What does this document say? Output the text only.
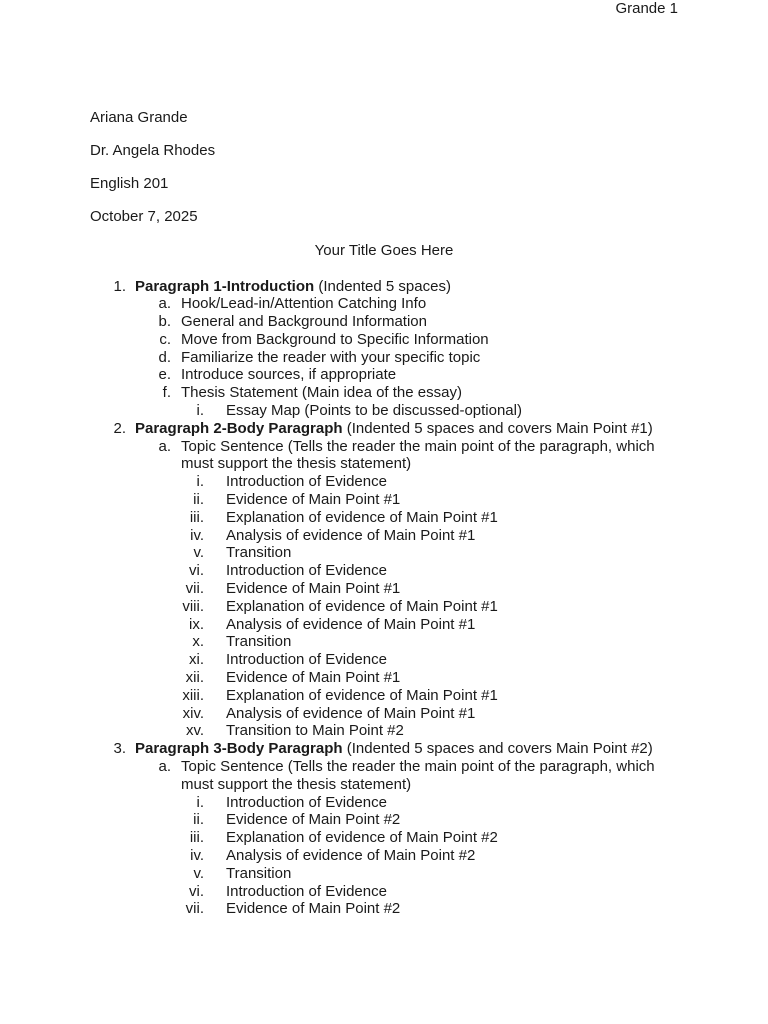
Grande 1
Ariana Grande
Dr. Angela Rhodes
English 201
October 7, 2025
Your Title Goes Here
1. Paragraph 1-Introduction (Indented 5 spaces)
a. Hook/Lead-in/Attention Catching Info
b. General and Background Information
c. Move from Background to Specific Information
d. Familiarize the reader with your specific topic
e. Introduce sources, if appropriate
f. Thesis Statement (Main idea of the essay)
i. Essay Map (Points to be discussed-optional)
2. Paragraph 2-Body Paragraph (Indented 5 spaces and covers Main Point #1)
a. Topic Sentence (Tells the reader the main point of the paragraph, which
must support the thesis statement)
i. Introduction of Evidence
ii. Evidence of Main Point #1
iii. Explanation of evidence of Main Point #1
iv. Analysis of evidence of Main Point #1
v. Transition
vi. Introduction of Evidence
vii. Evidence of Main Point #1
viii. Explanation of evidence of Main Point #1
ix. Analysis of evidence of Main Point #1
x. Transition
xi. Introduction of Evidence
xii. Evidence of Main Point #1
xiii. Explanation of evidence of Main Point #1
xiv. Analysis of evidence of Main Point #1
xv. Transition to Main Point #2
3. Paragraph 3-Body Paragraph (Indented 5 spaces and covers Main Point #2)
a. Topic Sentence (Tells the reader the main point of the paragraph, which
must support the thesis statement)
i. Introduction of Evidence
ii. Evidence of Main Point #2
iii. Explanation of evidence of Main Point #2
iv. Analysis of evidence of Main Point #2
v. Transition
vi. Introduction of Evidence
vii. Evidence of Main Point #2
